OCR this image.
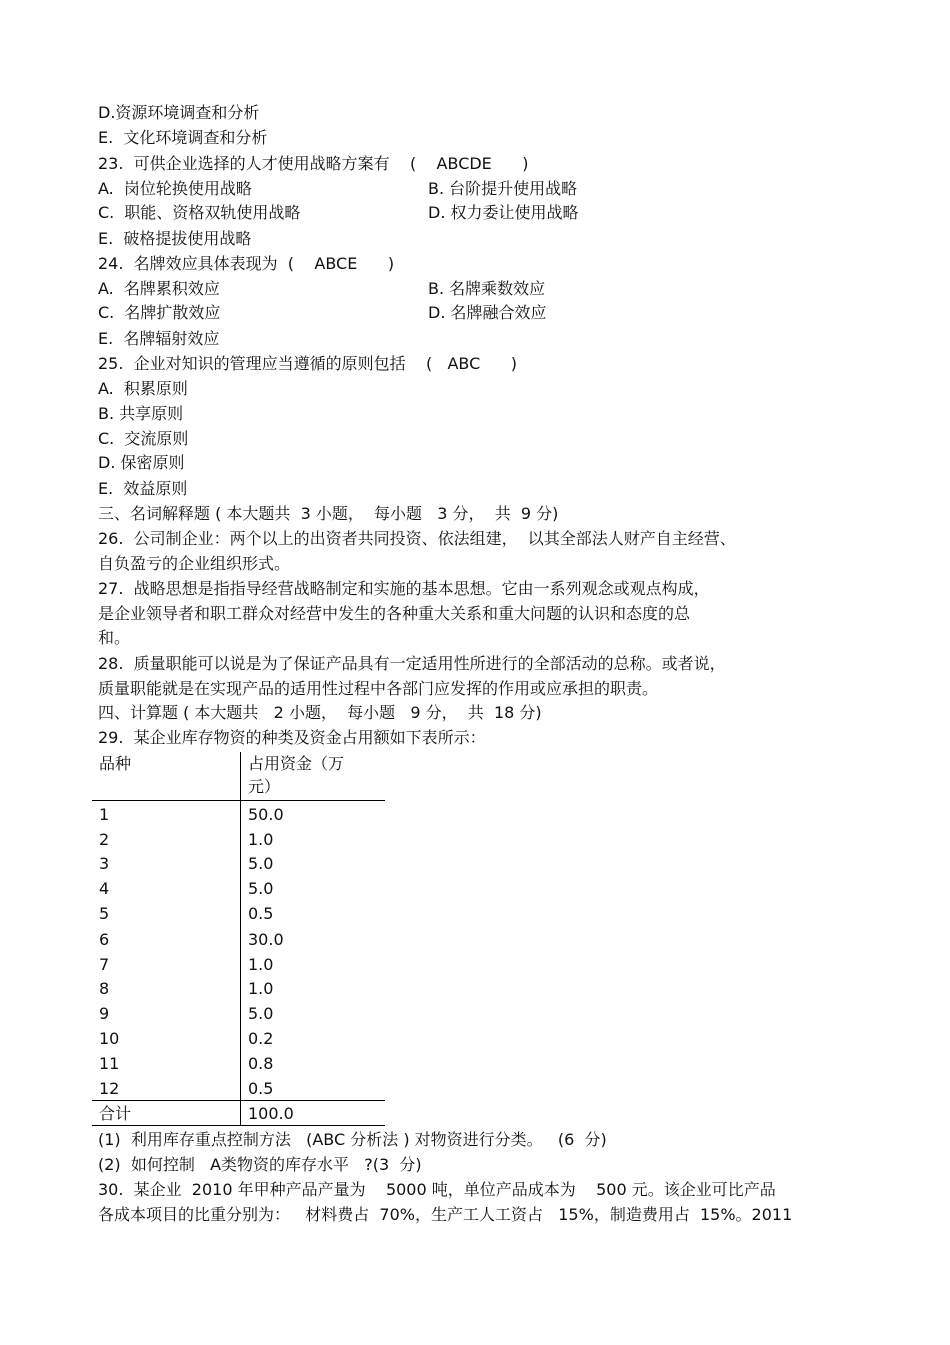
D.资源环境调查和分析
E.  文化环境调查和分析
23.  可供企业选择的人才使用战略方案有    (    ABCDE      )
A.  岗位轮换使用战略	B. 台阶提升使用战略
C.  职能、资格双轨使用战略	D. 权力委让使用战略
E.  破格提拔使用战略
24.  名牌效应具体表现为  (    ABCE      )
A.  名牌累积效应	B. 名牌乘数效应
C.  名牌扩散效应	D. 名牌融合效应
E.  名牌辐射效应
25.  企业对知识的管理应当遵循的原则包括    (   ABC      )
A.  积累原则
B. 共享原则
C.  交流原则
D. 保密原则
E.  效益原则
三、名词解释题 ( 本大题共  3 小题，  每小题   3 分，  共  9 分)
26.  公司制企业：两个以上的出资者共同投资、依法组建，  以其全部法人财产自主经营、
自负盈亏的企业组织形式。
27.  战略思想是指指导经营战略制定和实施的基本思想。它由一系列观念或观点构成，
是企业领导者和职工群众对经营中发生的各种重大关系和重大问题的认识和态度的总
和。
28.  质量职能可以说是为了保证产品具有一定适用性所进行的全部活动的总称。或者说，
质量职能就是在实现产品的适用性过程中各部门应发挥的作用或应承担的职责。
四、计算题 ( 本大题共   2 小题，  每小题   9 分，  共  18 分)
29.  某企业库存物资的种类及资金占用额如下表所示：
品种	占用资金（万
元）
1	50.0
2	1.0
3	5.0
4	5.0
5	0.5
6	30.0
7	1.0
8	1.0
9	5.0
10	0.2
11	0.8
12	0.5
合计	100.0
(1)  利用库存重点控制方法   (ABC 分析法 ) 对物资进行分类。   (6  分)
(2)  如何控制   A类物资的库存水平   ?(3  分)
30.  某企业  2010 年甲种产品产量为    5000 吨，单位产品成本为    500 元。该企业可比产品
各成本项目的比重分别为：   材料费占  70%，生产工人工资占   15%，制造费用占  15%。2011
